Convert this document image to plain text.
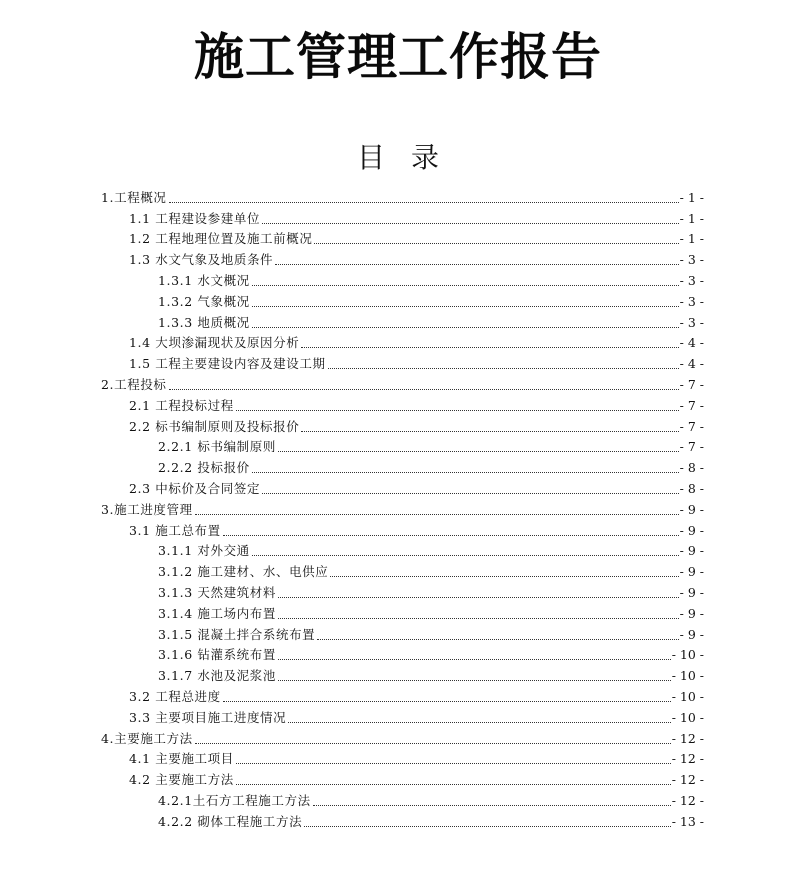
施工管理工作报告
目录
1.工程概况	- 1 -
1.1 工程建设参建单位	- 1 -
1.2 工程地理位置及施工前概况	- 1 -
1.3 水文气象及地质条件	- 3 -
1.3.1 水文概况	- 3 -
1.3.2 气象概况	- 3 -
1.3.3 地质概况	- 3 -
1.4 大坝渗漏现状及原因分析	- 4 -
1.5 工程主要建设内容及建设工期	- 4 -
2.工程投标	- 7 -
2.1 工程投标过程	- 7 -
2.2 标书编制原则及投标报价	- 7 -
2.2.1 标书编制原则	- 7 -
2.2.2 投标报价	- 8 -
2.3 中标价及合同签定	- 8 -
3.施工进度管理	- 9 -
3.1 施工总布置	- 9 -
3.1.1 对外交通	- 9 -
3.1.2 施工建材、水、电供应	- 9 -
3.1.3 天然建筑材料	- 9 -
3.1.4 施工场内布置	- 9 -
3.1.5 混凝土拌合系统布置	- 9 -
3.1.6 钻灌系统布置	- 10 -
3.1.7 水池及泥浆池	- 10 -
3.2 工程总进度	- 10 -
3.3 主要项目施工进度情况	- 10 -
4.主要施工方法	- 12 -
4.1 主要施工项目	- 12 -
4.2 主要施工方法	- 12 -
4.2.1土石方工程施工方法	- 12 -
4.2.2 砌体工程施工方法	- 13 -
